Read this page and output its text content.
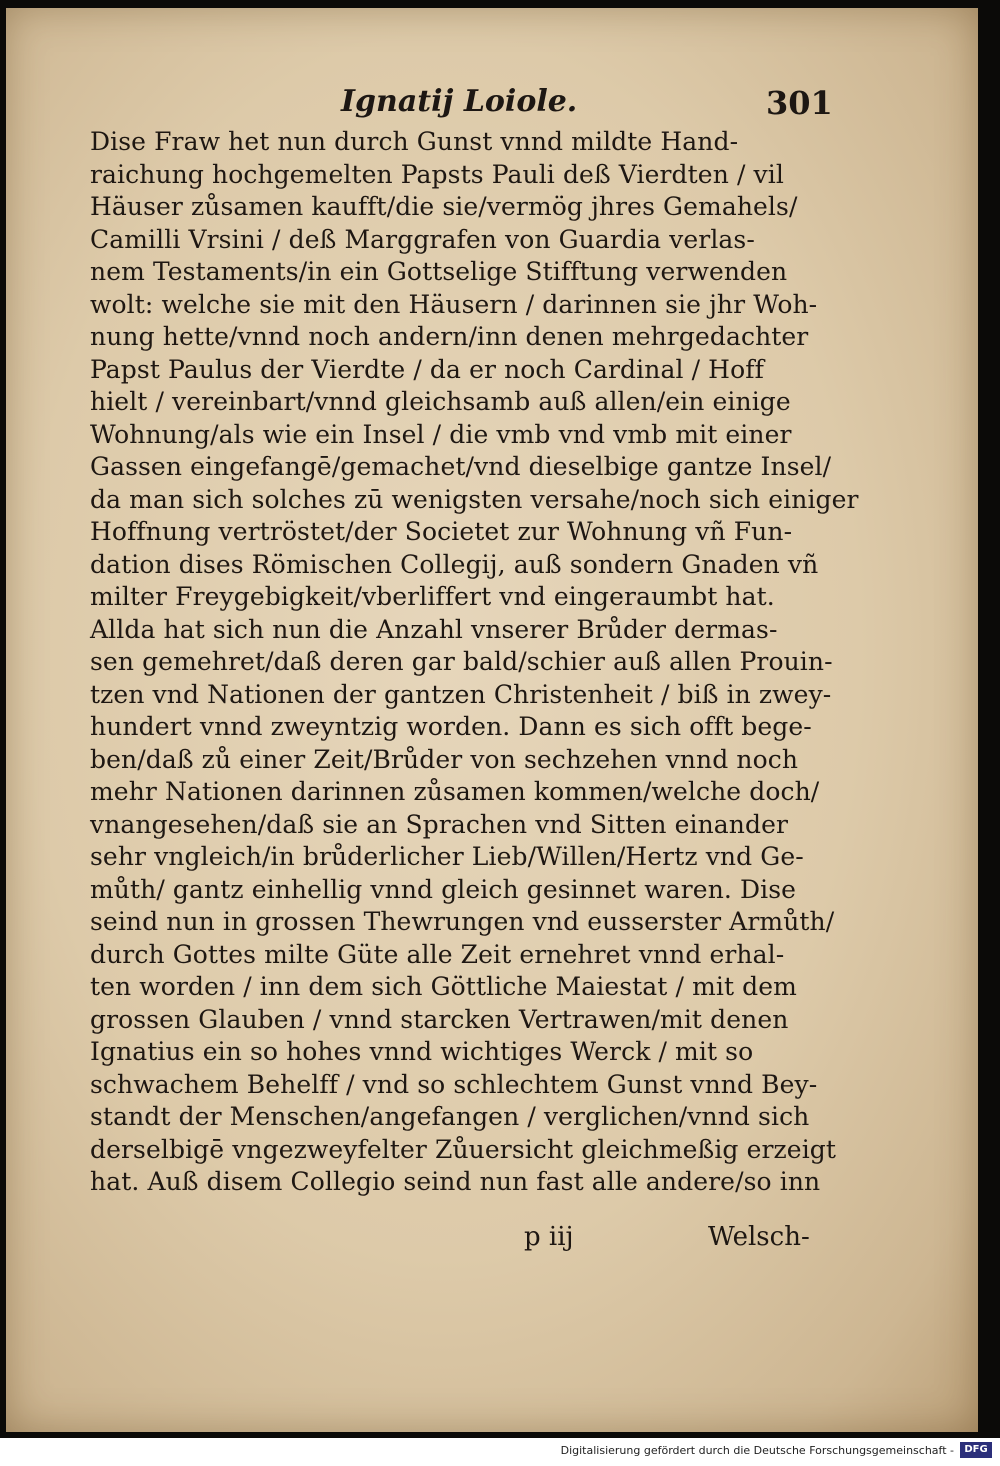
Ignatij Loiole.	301
Dise Fraw het nun durch Gunst vnnd mildte Hand-
raichung hochgemelten Papsts Pauli deß Vierdten / vil
Häuser zůsamen kaufft/die sie/vermög jhres Gemahels/
Camilli Vrsini / deß Marggrafen von Guardia verlas-
nem Testaments/in ein Gottselige Stifftung verwenden
wolt: welche sie mit den Häusern / darinnen sie jhr Woh-
nung hette/vnnd noch andern/inn denen mehrgedachter
Papst Paulus der Vierdte / da er noch Cardinal / Hoff
hielt / vereinbart/vnnd gleichsamb auß allen/ein einige
Wohnung/als wie ein Insel / die vmb vnd vmb mit einer
Gassen eingefangē/gemachet/vnd dieselbige gantze Insel/
da man sich solches zū wenigsten versahe/noch sich einiger
Hoffnung vertröstet/der Societet zur Wohnung vñ Fun-
dation dises Römischen Collegij, auß sondern Gnaden vñ
milter Freygebigkeit/vberliffert vnd eingeraumbt hat.
Allda hat sich nun die Anzahl vnserer Brůder dermas-
sen gemehret/daß deren gar bald/schier auß allen Prouin-
tzen vnd Nationen der gantzen Christenheit / biß in zwey-
hundert vnnd zweyntzig worden. Dann es sich offt bege-
ben/daß zů einer Zeit/Brůder von sechzehen vnnd noch
mehr Nationen darinnen zůsamen kommen/welche doch/
vnangesehen/daß sie an Sprachen vnd Sitten einander
sehr vngleich/in brůderlicher Lieb/Willen/Hertz vnd Ge-
můth/ gantz einhellig vnnd gleich gesinnet waren. Dise
seind nun in grossen Thewrungen vnd eusserster Armůth/
durch Gottes milte Güte alle Zeit ernehret vnnd erhal-
ten worden / inn dem sich Göttliche Maiestat / mit dem
grossen Glauben / vnnd starcken Vertrawen/mit denen
Ignatius ein so hohes vnnd wichtiges Werck / mit so
schwachem Behelff / vnd so schlechtem Gunst vnnd Bey-
standt der Menschen/angefangen / verglichen/vnnd sich
derselbigē vngezweyfelter Zůuersicht gleichmeßig erzeigt
hat. Auß disem Collegio seind nun fast alle andere/so inn
p iij	Welsch-
Digitalisierung gefördert durch die Deutsche Forschungsgemeinschaft -	DFG
